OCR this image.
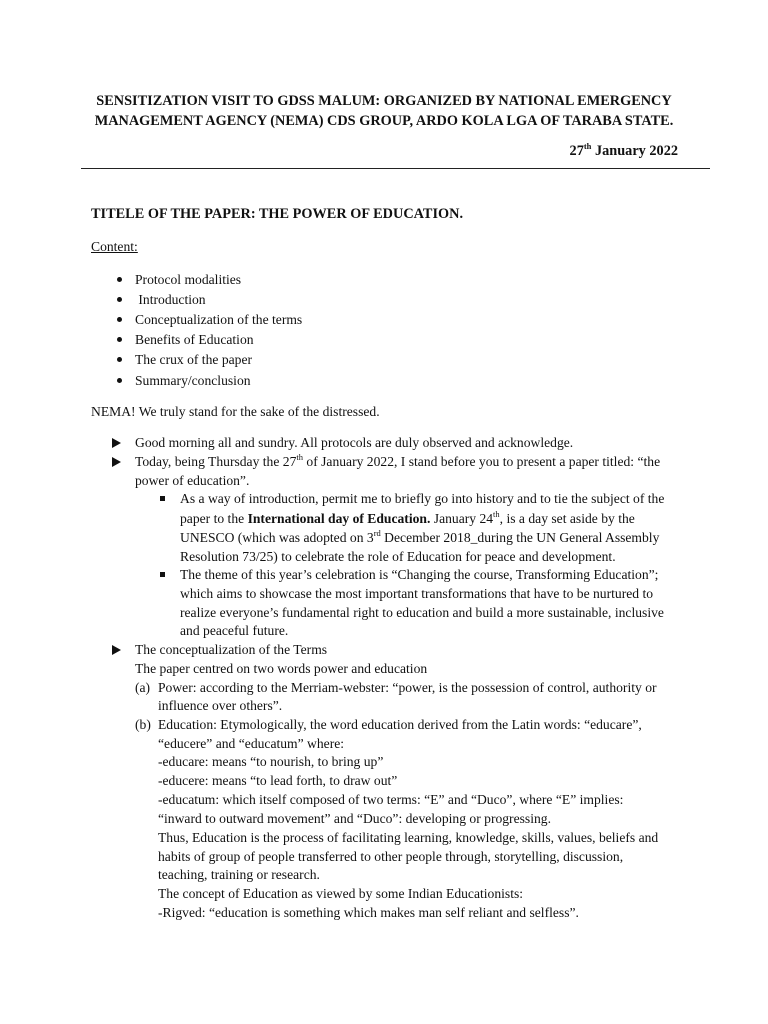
SENSITIZATION VISIT TO GDSS MALUM: ORGANIZED BY NATIONAL EMERGENCY
MANAGEMENT AGENCY (NEMA) CDS GROUP, ARDO KOLA LGA OF TARABA STATE.
27th January 2022
TITELE OF THE PAPER: THE POWER OF EDUCATION.
Content:
Protocol modalities
Introduction
Conceptualization of the terms
Benefits of Education
The crux of the paper
Summary/conclusion
NEMA! We truly stand for the sake of the distressed.
Good morning all and sundry. All protocols are duly observed and acknowledge.
Today, being Thursday the 27th of January 2022, I stand before you to present a paper titled: “the
power of education”.
As a way of introduction, permit me to briefly go into history and to tie the subject of the
paper to the International day of Education. January 24th, is a day set aside by the
UNESCO (which was adopted on 3rd December 2018_during the UN General Assembly
Resolution 73/25) to celebrate the role of Education for peace and development.
The theme of this year’s celebration is “Changing the course, Transforming Education”;
which aims to showcase the most important transformations that have to be nurtured to
realize everyone’s fundamental right to education and build a more sustainable, inclusive
and peaceful future.
The conceptualization of the Terms
The paper centred on two words power and education
(a) Power: according to the Merriam-webster: “power, is the possession of control, authority or
influence over others”.
(b) Education: Etymologically, the word education derived from the Latin words: “educare”,
“educere” and “educatum” where:
-educare: means “to nourish, to bring up”
-educere: means “to lead forth, to draw out”
-educatum: which itself composed of two terms: “E” and “Duco”, where “E” implies:
“inward to outward movement” and “Duco”: developing or progressing.
Thus, Education is the process of facilitating learning, knowledge, skills, values, beliefs and
habits of group of people transferred to other people through, storytelling, discussion,
teaching, training or research.
The concept of Education as viewed by some Indian Educationists:
-Rigved: “education is something which makes man self reliant and selfless”.
